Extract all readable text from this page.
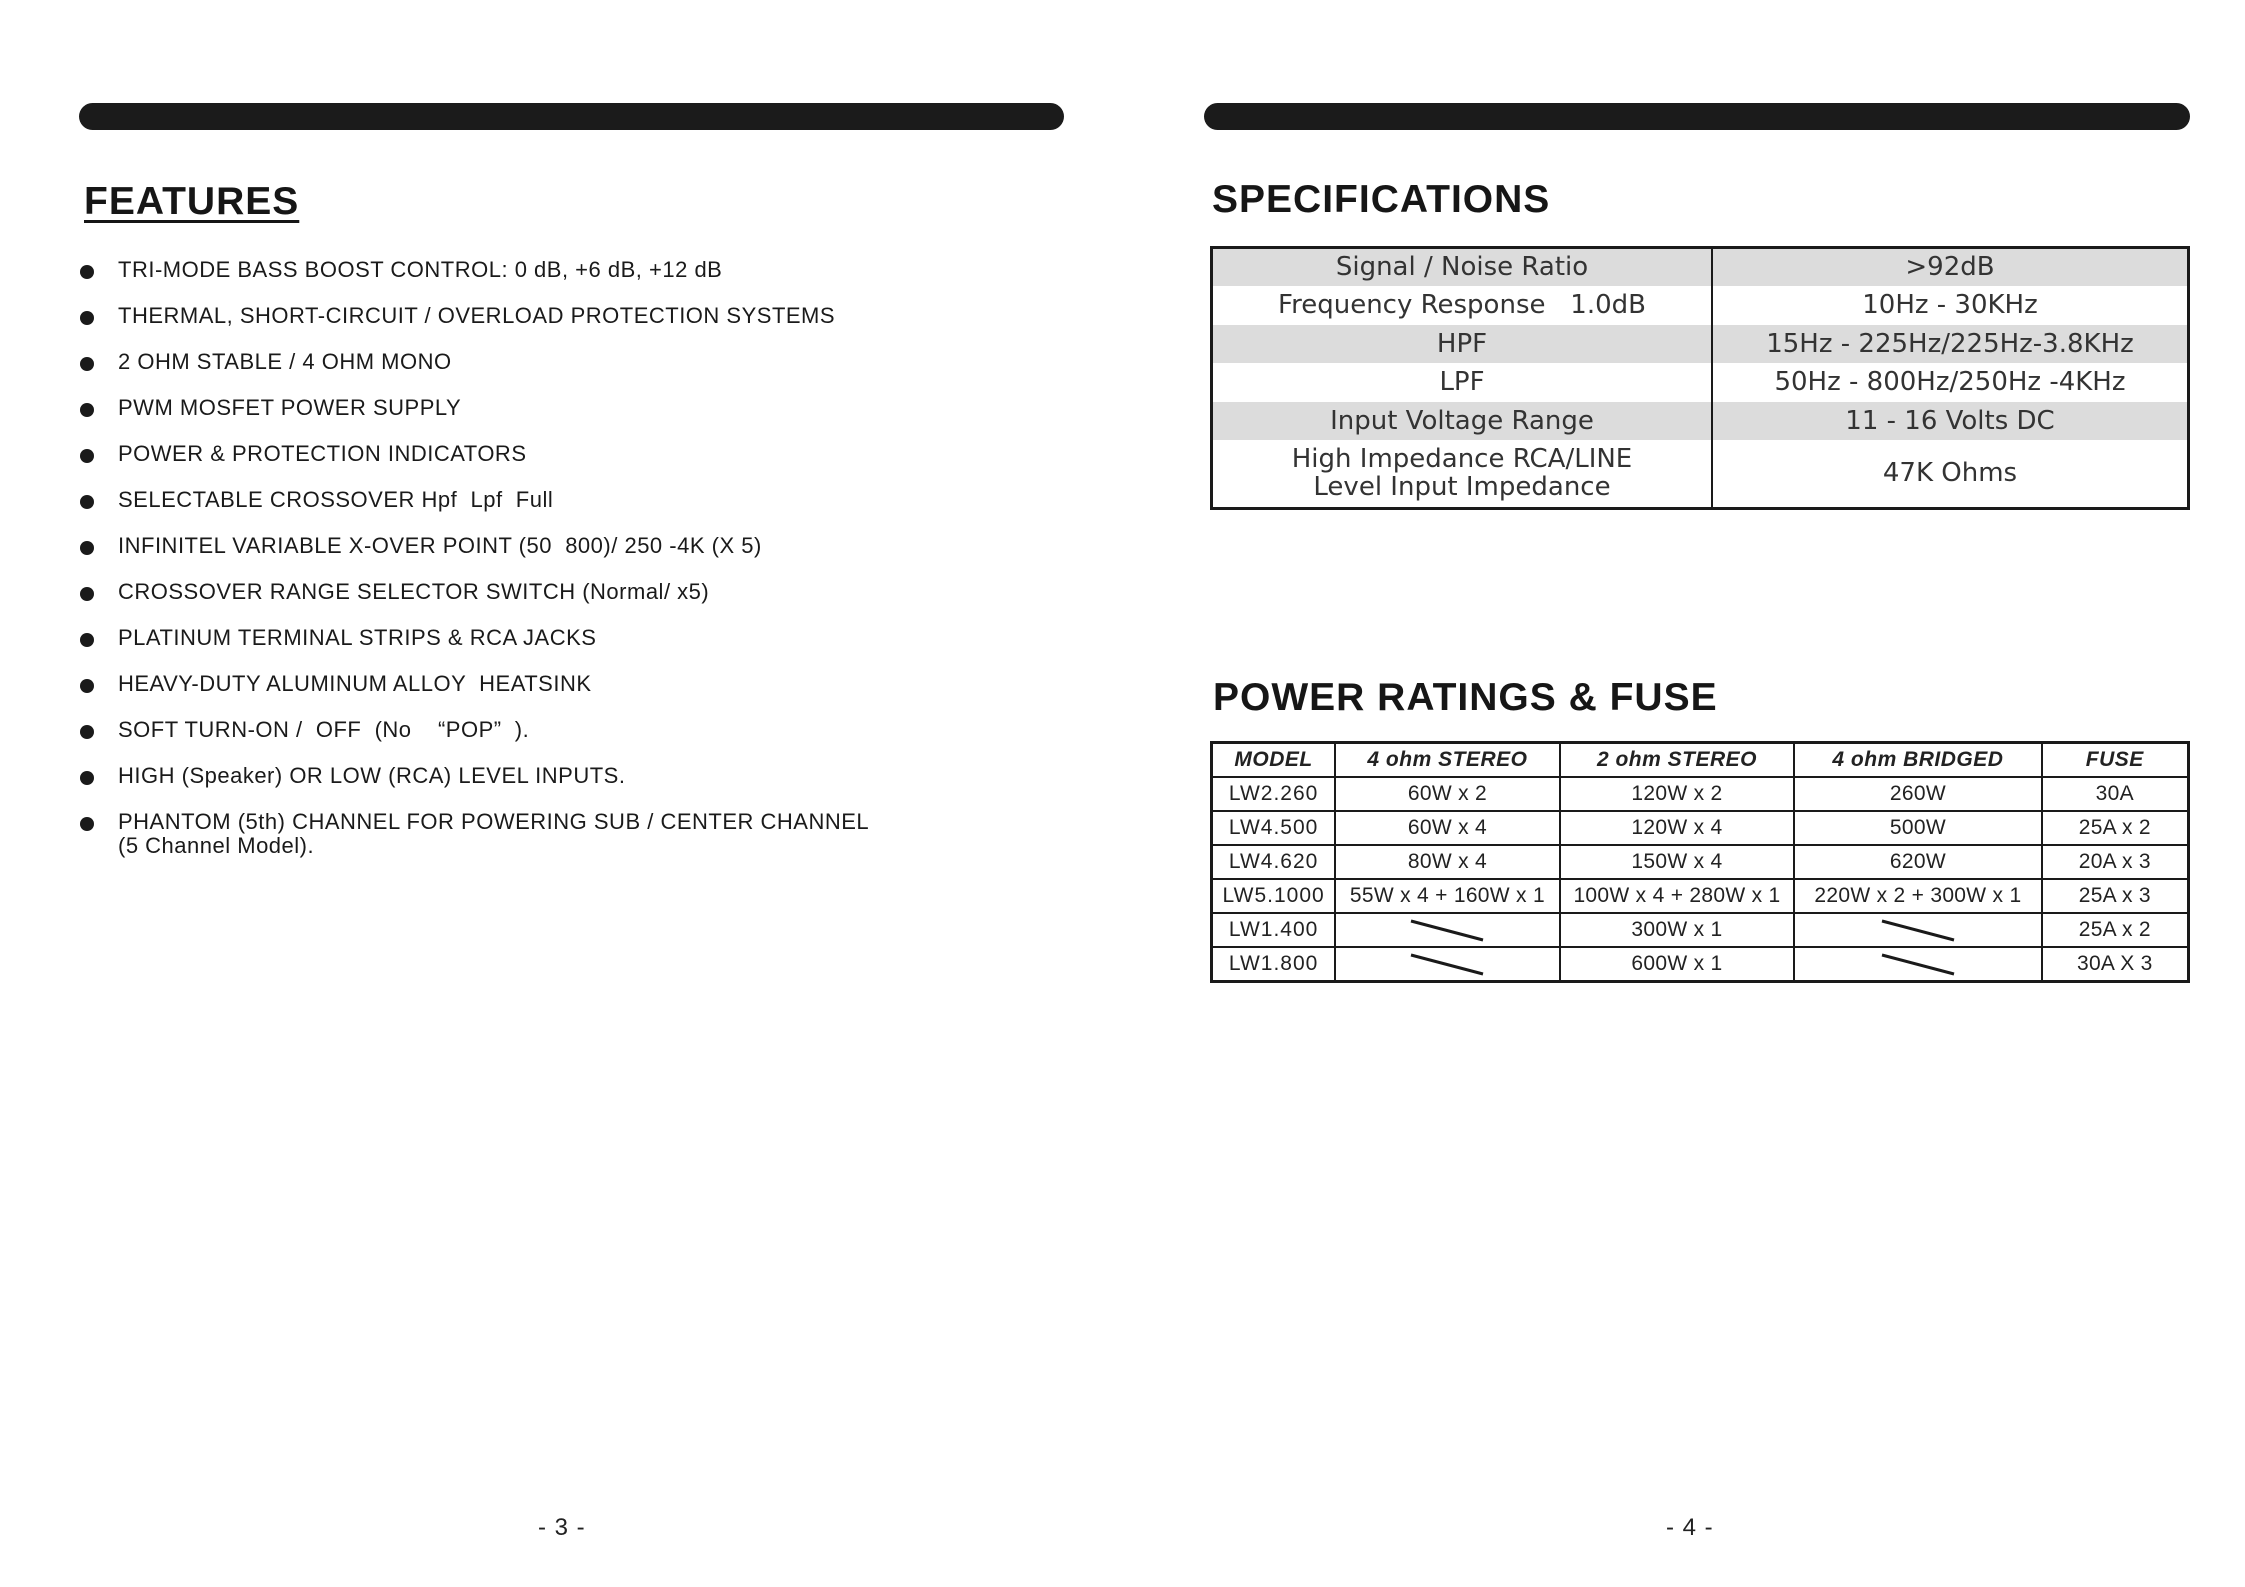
FEATURES
TRI-MODE BASS BOOST CONTROL: 0 dB, +6 dB, +12 dB
THERMAL, SHORT-CIRCUIT / OVERLOAD PROTECTION SYSTEMS
2 OHM STABLE / 4 OHM MONO
PWM MOSFET POWER SUPPLY
POWER & PROTECTION INDICATORS
SELECTABLE CROSSOVER Hpf  Lpf  Full
INFINITEL VARIABLE X-OVER POINT (50  800)/ 250 -4K (X 5)
CROSSOVER RANGE SELECTOR SWITCH (Normal/ x5)
PLATINUM TERMINAL STRIPS & RCA JACKS
HEAVY-DUTY ALUMINUM ALLOY  HEATSINK
SOFT TURN-ON /  OFF  (No    “POP”  ).
HIGH (Speaker) OR LOW (RCA) LEVEL INPUTS.
PHANTOM (5th) CHANNEL FOR POWERING SUB / CENTER CHANNEL
(5 Channel Model).
- 3 -
SPECIFICATIONS
Signal / Noise Ratio	>92dB
Frequency Response   1.0dB	10Hz - 30KHz
HPF	15Hz - 225Hz/225Hz-3.8KHz
LPF	50Hz - 800Hz/250Hz -4KHz
Input Voltage Range	11 - 16 Volts DC
High Impedance RCA/LINE
Level Input Impedance	47K Ohms
POWER RATINGS & FUSE
MODEL	4 ohm STEREO	2 ohm STEREO	4 ohm BRIDGED	FUSE
LW2.260	60W x 2	120W x 2	260W	30A
LW4.500	60W x 4	120W x 4	500W	25A x 2
LW4.620	80W x 4	150W x 4	620W	20A x 3
LW5.1000	55W x 4 + 160W x 1	100W x 4 + 280W x 1	220W x 2 + 300W x 1	25A x 3
LW1.400		300W x 1		25A x 2
LW1.800		600W x 1		30A X 3
- 4 -
